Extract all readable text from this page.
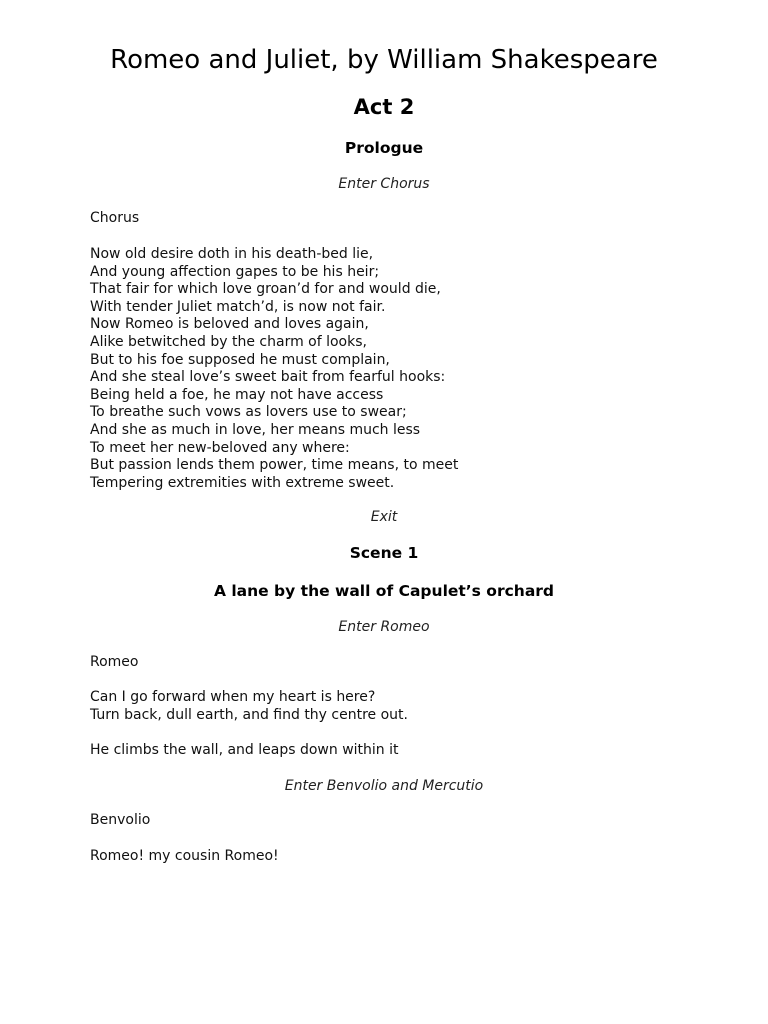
Romeo and Juliet, by William Shakespeare
Act 2
Prologue
Enter Chorus
Chorus
Now old desire doth in his death-bed lie,
And young affection gapes to be his heir;
That fair for which love groan’d for and would die,
With tender Juliet match’d, is now not fair.
Now Romeo is beloved and loves again,
Alike betwitched by the charm of looks,
But to his foe supposed he must complain,
And she steal love’s sweet bait from fearful hooks:
Being held a foe, he may not have access
To breathe such vows as lovers use to swear;
And she as much in love, her means much less
To meet her new-beloved any where:
But passion lends them power, time means, to meet
Tempering extremities with extreme sweet.
Exit
Scene 1
A lane by the wall of Capulet’s orchard
Enter Romeo
Romeo
Can I go forward when my heart is here?
Turn back, dull earth, and find thy centre out.
He climbs the wall, and leaps down within it
Enter Benvolio and Mercutio
Benvolio
Romeo! my cousin Romeo!
